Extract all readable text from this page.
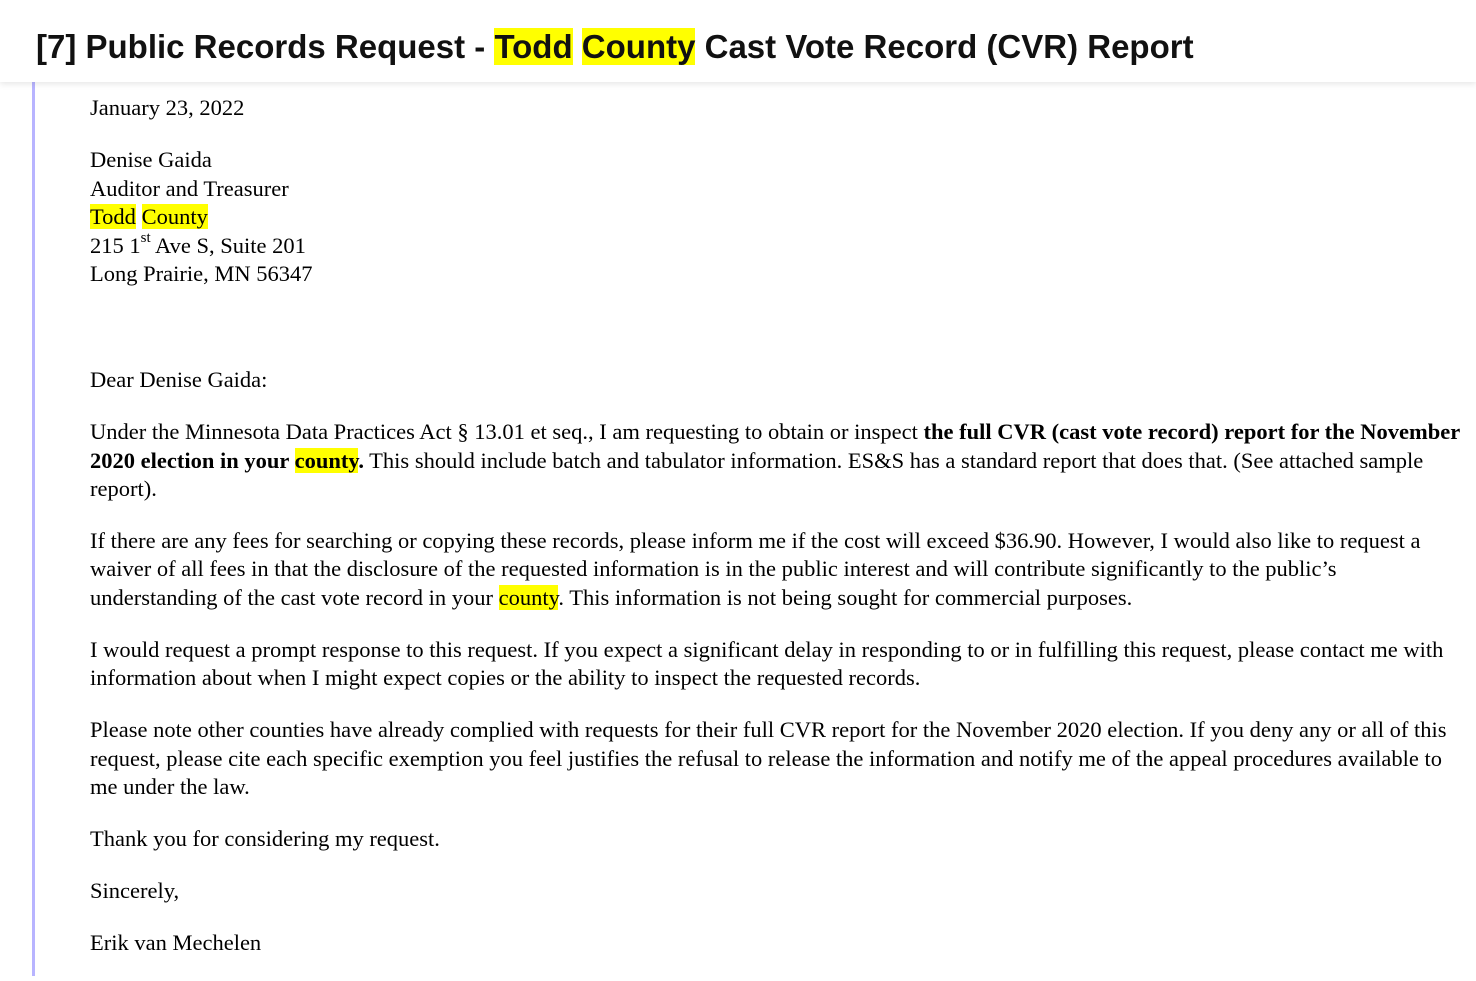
[7] Public Records Request - Todd County Cast Vote Record (CVR) Report

January 23, 2022

Denise Gaida
Auditor and Treasurer
Todd County
215 1st Ave S, Suite 201
Long Prairie, MN 56347

Dear Denise Gaida:

Under the Minnesota Data Practices Act § 13.01 et seq., I am requesting to obtain or inspect the full CVR (cast vote record) report for the November 2020 election in your county. This should include batch and tabulator information. ES&S has a standard report that does that. (See attached sample report).

If there are any fees for searching or copying these records, please inform me if the cost will exceed $36.90. However, I would also like to request a waiver of all fees in that the disclosure of the requested information is in the public interest and will contribute significantly to the public’s understanding of the cast vote record in your county. This information is not being sought for commercial purposes.

I would request a prompt response to this request. If you expect a significant delay in responding to or in fulfilling this request, please contact me with information about when I might expect copies or the ability to inspect the requested records.

Please note other counties have already complied with requests for their full CVR report for the November 2020 election. If you deny any or all of this request, please cite each specific exemption you feel justifies the refusal to release the information and notify me of the appeal procedures available to me under the law.

Thank you for considering my request.

Sincerely,

Erik van Mechelen
